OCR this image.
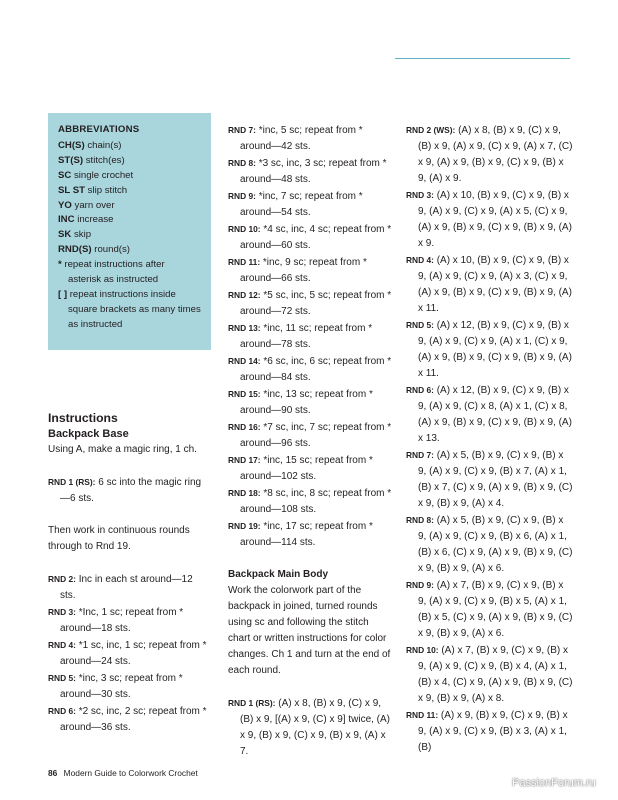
ABBREVIATIONS
CH(S) chain(s)
ST(S) stitch(es)
SC single crochet
SL ST slip stitch
YO yarn over
INC increase
SK skip
RND(S) round(s)
* repeat instructions after
asterisk as instructed
[ ] repeat instructions inside
square brackets as many times as instructed
Instructions
Backpack Base
Using A, make a magic ring, 1 ch.
RND 1 (RS): 6 sc into the magic ring—6 sts.
Then work in continuous rounds through to Rnd 19.
RND 2: Inc in each st around—12 sts.
RND 3: *Inc, 1 sc; repeat from * around—18 sts.
RND 4: *1 sc, inc, 1 sc; repeat from * around—24 sts.
RND 5: *inc, 3 sc; repeat from * around—30 sts.
RND 6: *2 sc, inc, 2 sc; repeat from * around—36 sts.
RND 7: *inc, 5 sc; repeat from * around—42 sts.
RND 8: *3 sc, inc, 3 sc; repeat from * around—48 sts.
RND 9: *inc, 7 sc; repeat from * around—54 sts.
RND 10: *4 sc, inc, 4 sc; repeat from * around—60 sts.
RND 11: *inc, 9 sc; repeat from * around—66 sts.
RND 12: *5 sc, inc, 5 sc; repeat from * around—72 sts.
RND 13: *inc, 11 sc; repeat from * around—78 sts.
RND 14: *6 sc, inc, 6 sc; repeat from * around—84 sts.
RND 15: *inc, 13 sc; repeat from * around—90 sts.
RND 16: *7 sc, inc, 7 sc; repeat from * around—96 sts.
RND 17: *inc, 15 sc; repeat from * around—102 sts.
RND 18: *8 sc, inc, 8 sc; repeat from * around—108 sts.
RND 19: *inc, 17 sc; repeat from * around—114 sts.
Backpack Main Body
Work the colorwork part of the backpack in joined, turned rounds using sc and following the stitch chart or written instructions for color changes. Ch 1 and turn at the end of each round.
RND 1 (RS): (A) x 8, (B) x 9, (C) x 9, (B) x 9, [(A) x 9, (C) x 9] twice, (A) x 9, (B) x 9, (C) x 9, (B) x 9, (A) x 7.
RND 2 (WS): (A) x 8, (B) x 9, (C) x 9, (B) x 9, (A) x 9, (C) x 9, (A) x 7, (C) x 9, (A) x 9, (B) x 9, (C) x 9, (B) x 9, (A) x 9.
RND 3: (A) x 10, (B) x 9, (C) x 9, (B) x 9, (A) x 9, (C) x 9, (A) x 5, (C) x 9, (A) x 9, (B) x 9, (C) x 9, (B) x 9, (A) x 9.
RND 4: (A) x 10, (B) x 9, (C) x 9, (B) x 9, (A) x 9, (C) x 9, (A) x 3, (C) x 9, (A) x 9, (B) x 9, (C) x 9, (B) x 9, (A) x 11.
RND 5: (A) x 12, (B) x 9, (C) x 9, (B) x 9, (A) x 9, (C) x 9, (A) x 1, (C) x 9, (A) x 9, (B) x 9, (C) x 9, (B) x 9, (A) x 11.
RND 6: (A) x 12, (B) x 9, (C) x 9, (B) x 9, (A) x 9, (C) x 8, (A) x 1, (C) x 8, (A) x 9, (B) x 9, (C) x 9, (B) x 9, (A) x 13.
RND 7: (A) x 5, (B) x 9, (C) x 9, (B) x 9, (A) x 9, (C) x 9, (B) x 7, (A) x 1, (B) x 7, (C) x 9, (A) x 9, (B) x 9, (C) x 9, (B) x 9, (A) x 4.
RND 8: (A) x 5, (B) x 9, (C) x 9, (B) x 9, (A) x 9, (C) x 9, (B) x 6, (A) x 1, (B) x 6, (C) x 9, (A) x 9, (B) x 9, (C) x 9, (B) x 9, (A) x 6.
RND 9: (A) x 7, (B) x 9, (C) x 9, (B) x 9, (A) x 9, (C) x 9, (B) x 5, (A) x 1, (B) x 5, (C) x 9, (A) x 9, (B) x 9, (C) x 9, (B) x 9, (A) x 6.
RND 10: (A) x 7, (B) x 9, (C) x 9, (B) x 9, (A) x 9, (C) x 9, (B) x 4, (A) x 1, (B) x 4, (C) x 9, (A) x 9, (B) x 9, (C) x 9, (B) x 9, (A) x 8.
RND 11: (A) x 9, (B) x 9, (C) x 9, (B) x 9, (A) x 9, (C) x 9, (B) x 3, (A) x 1, (B)
86 Modern Guide to Colorwork Crochet
PassionForum.ru
